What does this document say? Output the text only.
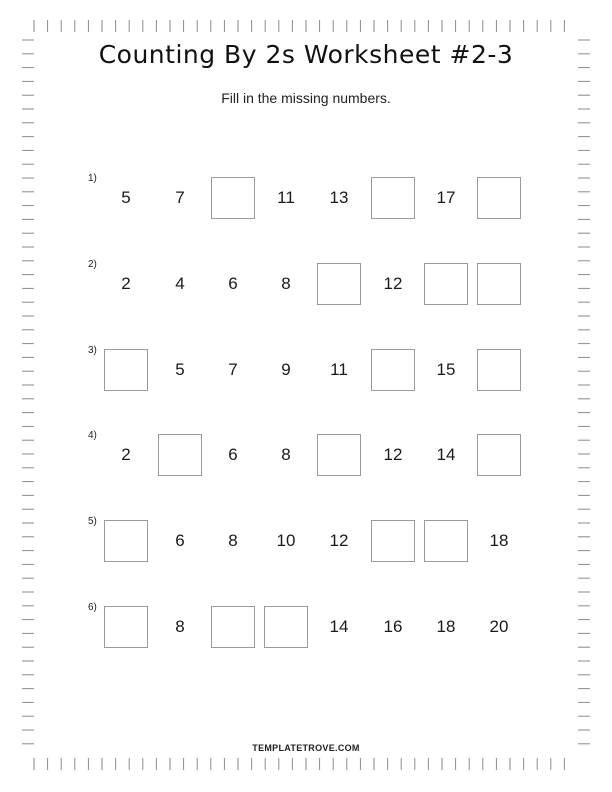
Counting By 2s Worksheet #2-3
Fill in the missing numbers.
1)
5	7	11	13	17
2)
2	4	6	8	12
3)
5	7	9	11	15
4)
2	6	8	12	14
5)
6	8	10	12	18
6)
8	14	16	18	20
TEMPLATETROVE.COM
